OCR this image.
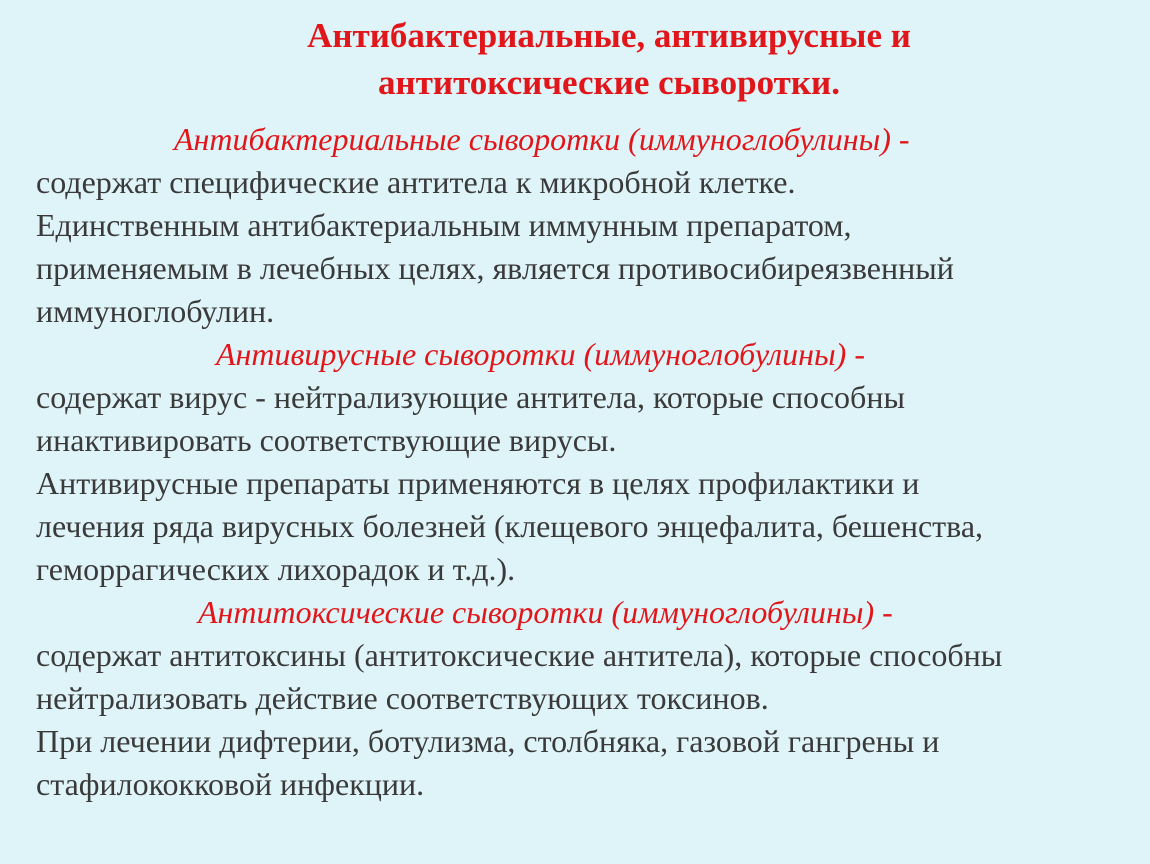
Антибактериальные, антивирусные и
антитоксические сыворотки.
Антибактериальные сыворотки (иммуноглобулины) -
содержат специфические антитела к микробной клетке.
Единственным антибактериальным иммунным препаратом,
применяемым в лечебных целях, является противосибиреязвенный
иммуноглобулин.
Антивирусные сыворотки (иммуноглобулины) -
содержат вирус - нейтрализующие антитела, которые способны
инактивировать соответствующие вирусы.
Антивирусные препараты применяются в целях профилактики и
лечения ряда вирусных болезней (клещевого энцефалита, бешенства,
геморрагических лихорадок и т.д.).
Антитоксические сыворотки (иммуноглобулины) -
содержат антитоксины (антитоксические антитела), которые способны
нейтрализовать действие соответствующих токсинов.
При лечении дифтерии, ботулизма, столбняка, газовой гангрены и
стафилококковой инфекции.
